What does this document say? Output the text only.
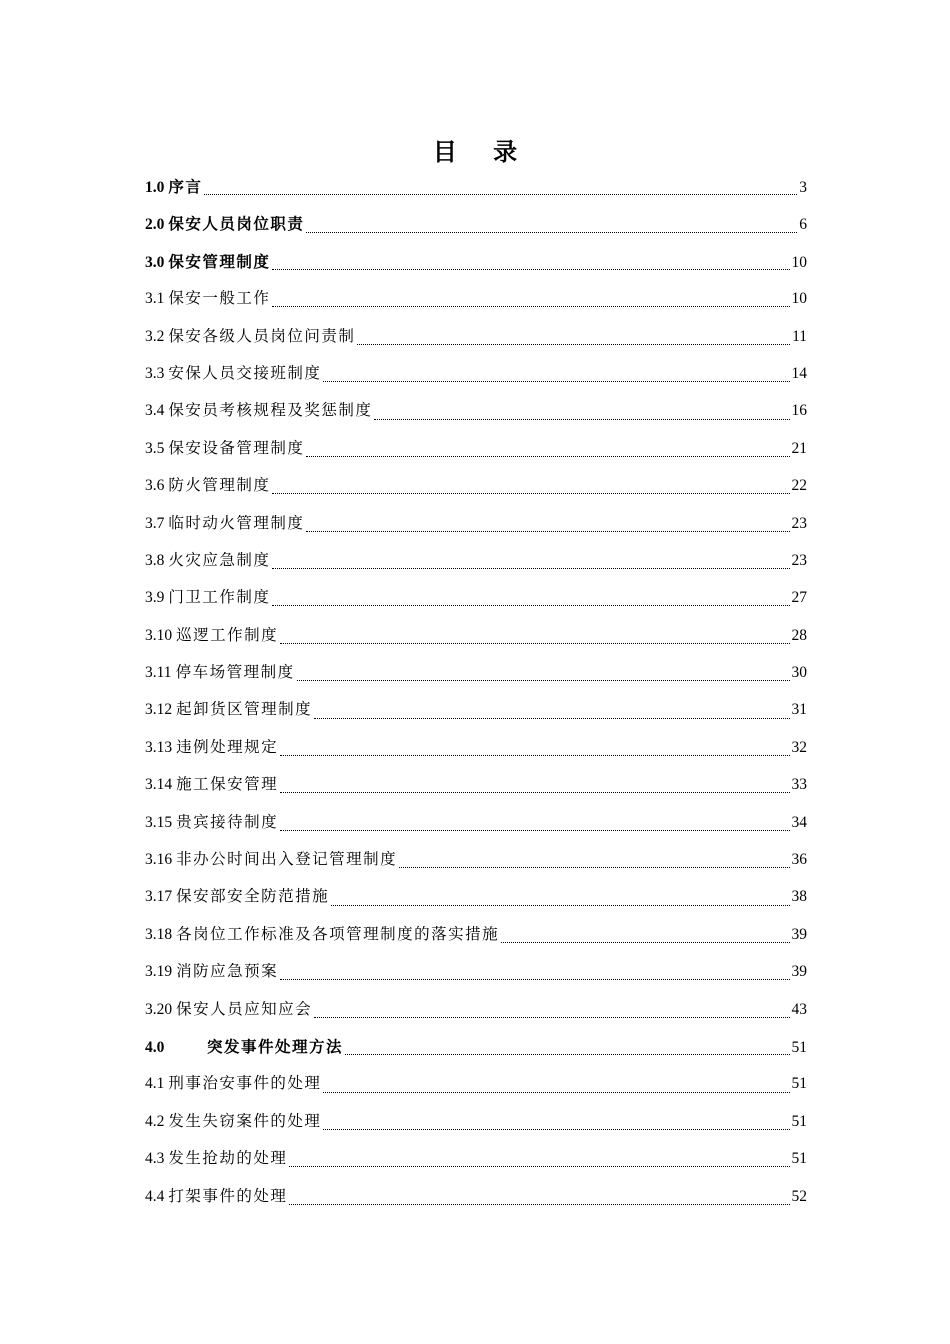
目 录
1.0 序言	3
2.0 保安人员岗位职责	6
3.0 保安管理制度	10
3.1 保安一般工作	10
3.2 保安各级人员岗位问责制	11
3.3 安保人员交接班制度	14
3.4 保安员考核规程及奖惩制度	16
3.5 保安设备管理制度	21
3.6 防火管理制度	22
3.7 临时动火管理制度	23
3.8 火灾应急制度	23
3.9 门卫工作制度	27
3.10 巡逻工作制度	28
3.11 停车场管理制度	30
3.12 起卸货区管理制度	31
3.13 违例处理规定	32
3.14 施工保安管理	33
3.15 贵宾接待制度	34
3.16 非办公时间出入登记管理制度	36
3.17 保安部安全防范措施	38
3.18 各岗位工作标准及各项管理制度的落实措施	39
3.19 消防应急预案	39
3.20 保安人员应知应会	43
4.0	突发事件处理方法	51
4.1 刑事治安事件的处理	51
4.2 发生失窃案件的处理	51
4.3 发生抢劫的处理	51
4.4 打架事件的处理	52
